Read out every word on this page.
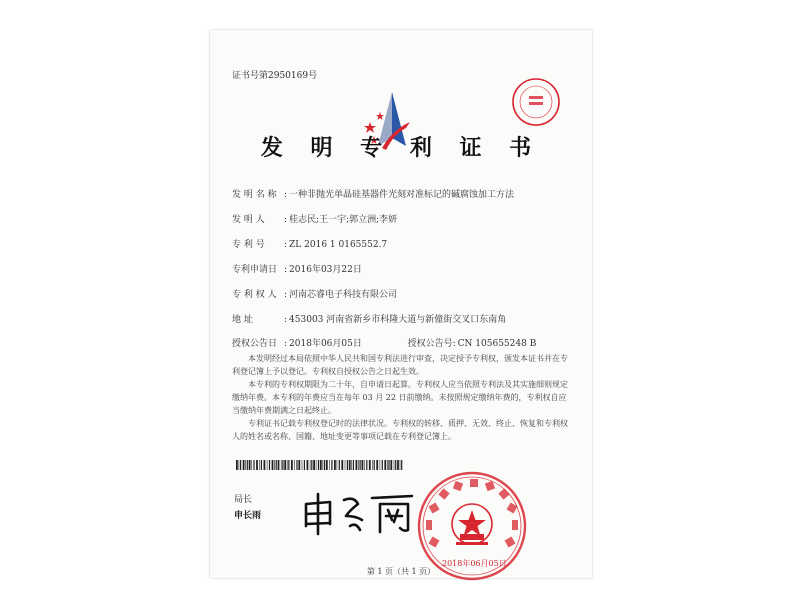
证书号第2950169号
发 明 专 利 证 书
发 明 名 称 : 一种非抛光单晶硅基器件光刻对准标记的碱腐蚀加工方法
发 明 人 : 桂志民;王一宇;郭立洲;李妍
专 利 号 : ZL 2016 1 0165552.7
专利申请日 : 2016年03月22日
专 利 权 人 : 河南芯睿电子科技有限公司
地 址	: 453003 河南省新乡市科隆大道与新僮街交叉口东南角
授权公告日 : 2018年06月05日	授权公告号: CN 105655248 B

本发明经过本局依照中华人民共和国专利法进行审查，决定授予专利权，颁发本证书并在专利登记簿上予以登记。专利权自授权公告之日起生效。

本专利的专利权期限为二十年，自申请日起算。专利权人应当依照专利法及其实施细则规定缴纳年费。本专利的年费应当在每年 03 月 22 日前缴纳。未按照规定缴纳年费的，专利权自应当缴纳年费期满之日起终止。

专利证书记载专利权登记时的法律状况。专利权的转移、质押、无效、终止、恢复和专利权人的姓名或名称、国籍、地址变更等事项记载在专利登记簿上。

局长
申长雨
2018年06月05日
第 1 页（共 1 页）
